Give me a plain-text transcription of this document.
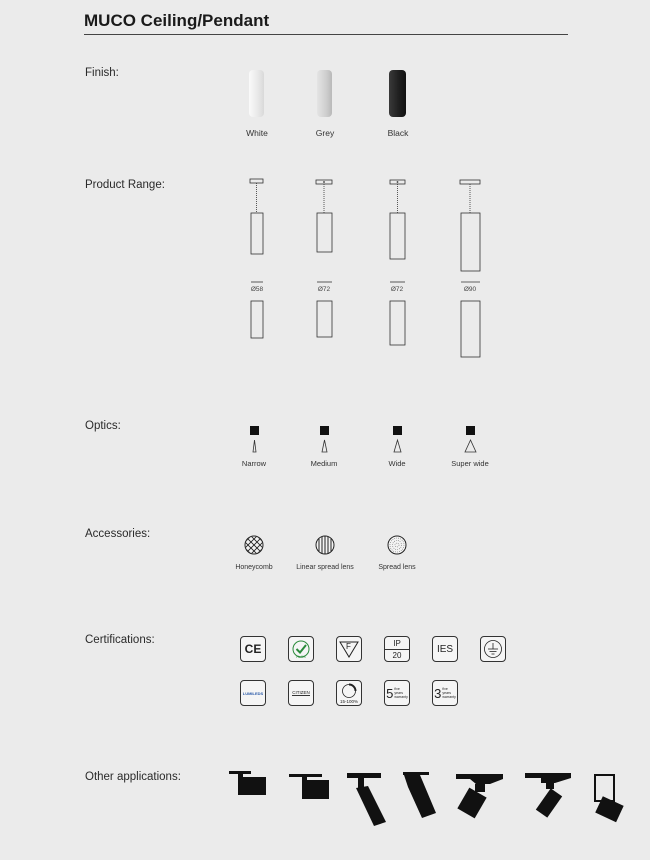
MUCO Ceiling/Pendant
Finish:
White	Grey	Black
Product Range:
Ø58	Ø72	Ø72	Ø90
Optics:
Narrow	Medium	Wide	Super wide
Accessories:
Honeycomb	Linear spread lens	Spread lens
Certifications:
CE
RoHS
F	IP
20
IES
LUMILEDS	CITIZEN
15-100%
5 five
years
warranty 3 five
years
warranty
Other applications:
